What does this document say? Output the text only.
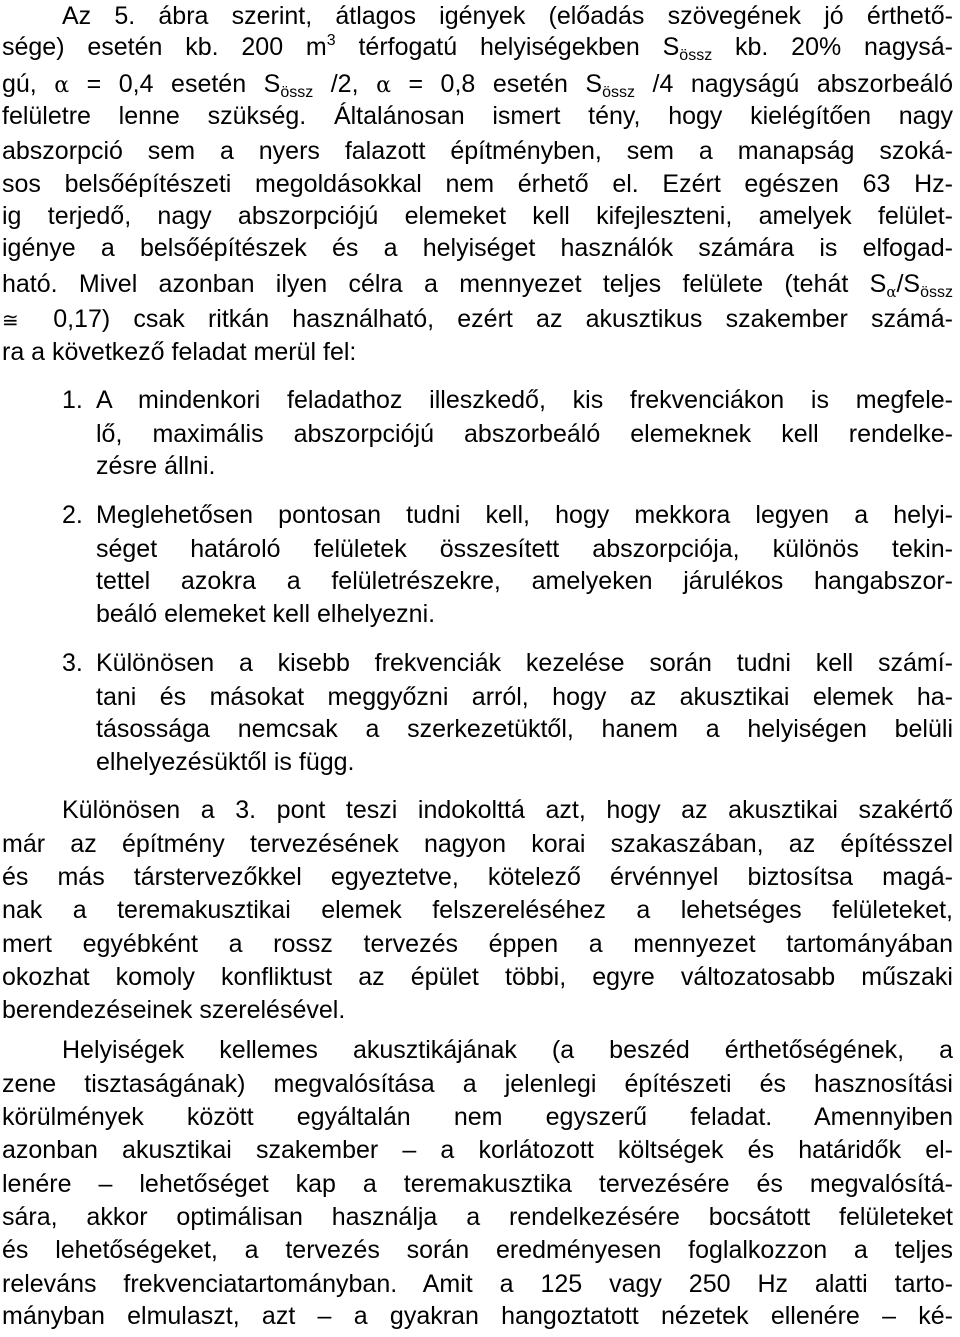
Az 5. ábra szerint, átlagos igények (előadás szövegének jó érthető-
sége) esetén kb. 200 $m^3$ térfogatú helyiségekben $S_{össz}$ kb. 20% nagysá-
gú, α = 0,4 esetén $S_{össz}$ /2, α = 0,8 esetén $S_{össz}$ /4 nagyságú abszorbeáló
felületre lenne szükség. Általánosan ismert tény, hogy kielégítően nagy
abszorpció sem a nyers falazott építményben, sem a manapság szoká-
sos belsőépítészeti megoldásokkal nem érhető el. Ezért egészen 63 Hz-
ig terjedő, nagy abszorpciójú elemeket kell kifejleszteni, amelyek felület-
igénye a belsőépítészek és a helyiséget használók számára is elfogad-
ható. Mivel azonban ilyen célra a mennyezet teljes felülete (tehát $S_\alpha/S_{össz}$
≅ 0,17) csak ritkán használható, ezért az akusztikus szakember számá-
ra a következő feladat merül fel:
1. A mindenkori feladathoz illeszkedő, kis frekvenciákon is megfele-
lő, maximális abszorpciójú abszorbeáló elemeknek kell rendelke-
zésre állni.
2. Meglehetősen pontosan tudni kell, hogy mekkora legyen a helyi-
séget határoló felületek összesített abszorpciója, különös tekin-
tettel azokra a felületrészekre, amelyeken járulékos hangabszor-
beáló elemeket kell elhelyezni.
3. Különösen a kisebb frekvenciák kezelése során tudni kell számí-
tani és másokat meggyőzni arról, hogy az akusztikai elemek ha-
tásossága nemcsak a szerkezetüktől, hanem a helyiségen belüli
elhelyezésüktől is függ.
Különösen a 3. pont teszi indokolttá azt, hogy az akusztikai szakértő
már az építmény tervezésének nagyon korai szakaszában, az építésszel
és más társtervezőkkel egyeztetve, kötelező érvénnyel biztosítsa magá-
nak a teremakusztikai elemek felszereléséhez a lehetséges felületeket,
mert egyébként a rossz tervezés éppen a mennyezet tartományában
okozhat komoly konfliktust az épület többi, egyre változatosabb műszaki
berendezéseinek szerelésével.
Helyiségek kellemes akusztikájának (a beszéd érthetőségének, a
zene tisztaságának) megvalósítása a jelenlegi építészeti és hasznosítási
körülmények között egyáltalán nem egyszerű feladat. Amennyiben
azonban akusztikai szakember – a korlátozott költségek és határidők el-
lenére – lehetőséget kap a teremakusztika tervezésére és megvalósítá-
sára, akkor optimálisan használja a rendelkezésére bocsátott felületeket
és lehetőségeket, a tervezés során eredményesen foglalkozzon a teljes
releváns frekvenciatartományban. Amit a 125 vagy 250 Hz alatti tarto-
mányban elmulaszt, azt – a gyakran hangoztatott nézetek ellenére – ké-
